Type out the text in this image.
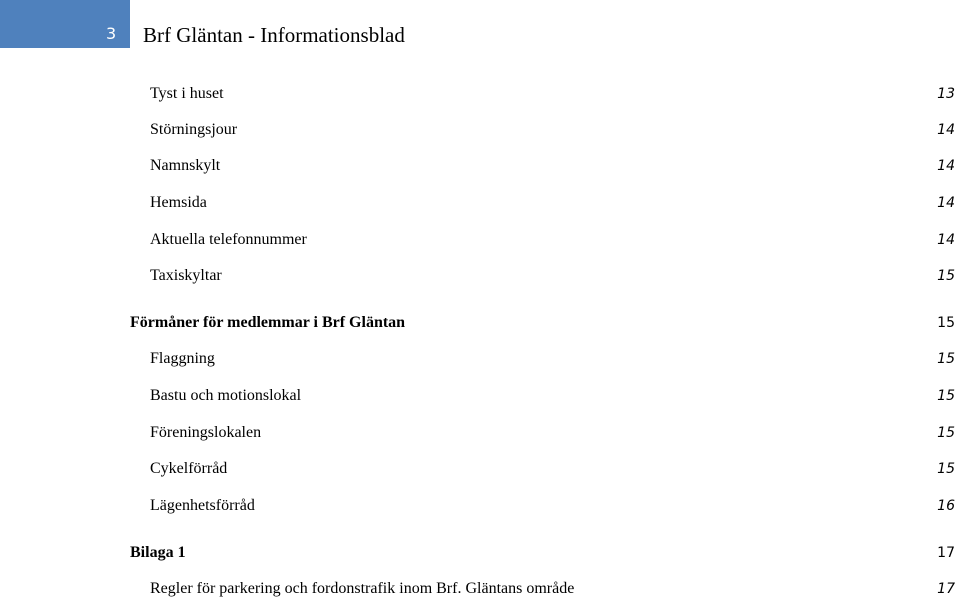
3 Brf Gläntan - Informationsblad
Tyst i huset	13
Störningsjour	14
Namnskylt	14
Hemsida	14
Aktuella telefonnummer	14
Taxiskyltar	15
Förmåner för medlemmar i Brf Gläntan	15
Flaggning	15
Bastu och motionslokal	15
Föreningslokalen	15
Cykelförråd	15
Lägenhetsförråd	16
Bilaga 1	17
Regler för parkering och fordonstrafik inom Brf. Gläntans område	17
